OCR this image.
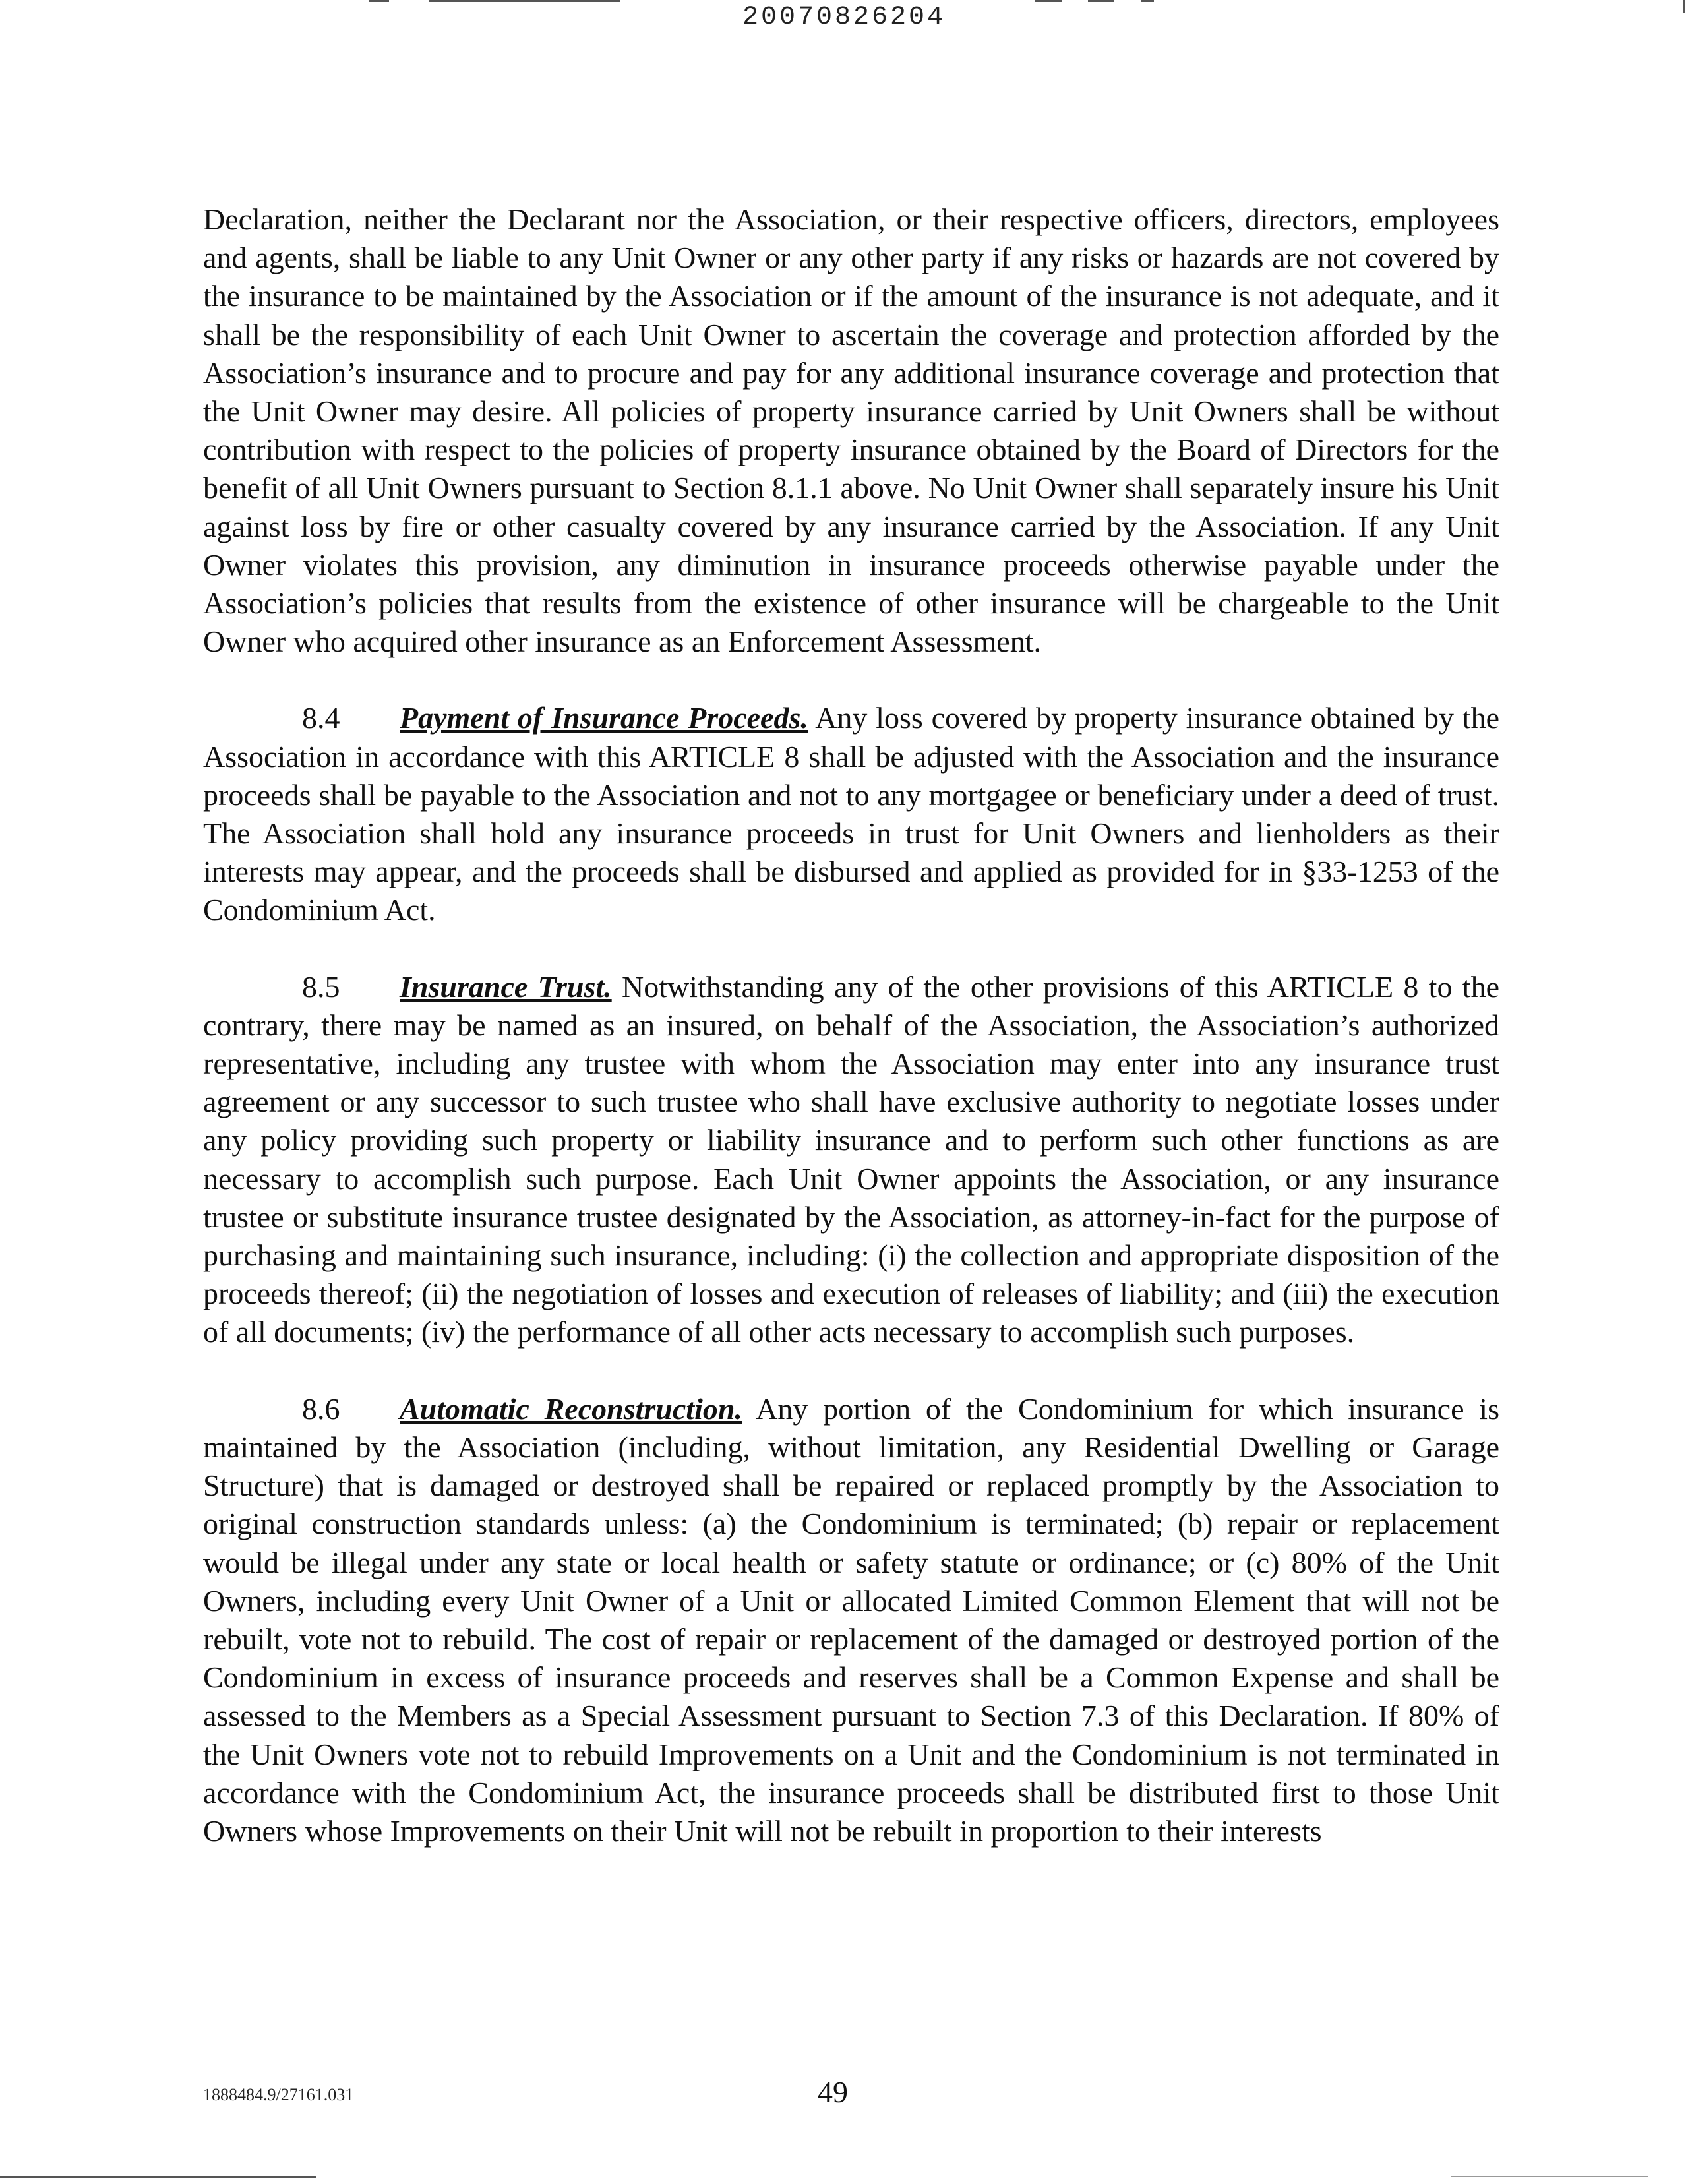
20070826204

Declaration, neither the Declarant nor the Association, or their respective officers, directors, employees and agents, shall be liable to any Unit Owner or any other party if any risks or hazards are not covered by the insurance to be maintained by the Association or if the amount of the insurance is not adequate, and it shall be the responsibility of each Unit Owner to ascertain the coverage and protection afforded by the Association’s insurance and to procure and pay for any additional insurance coverage and protection that the Unit Owner may desire. All policies of property insurance carried by Unit Owners shall be without contribution with respect to the policies of property insurance obtained by the Board of Directors for the benefit of all Unit Owners pursuant to Section 8.1.1 above. No Unit Owner shall separately insure his Unit against loss by fire or other casualty covered by any insurance carried by the Association. If any Unit Owner violates this provision, any diminution in insurance proceeds otherwise payable under the Association’s policies that results from the existence of other insurance will be chargeable to the Unit Owner who acquired other insurance as an Enforcement Assessment.

8.4 Payment of Insurance Proceeds. Any loss covered by property insurance obtained by the Association in accordance with this ARTICLE 8 shall be adjusted with the Association and the insurance proceeds shall be payable to the Association and not to any mortgagee or beneficiary under a deed of trust. The Association shall hold any insurance proceeds in trust for Unit Owners and lienholders as their interests may appear, and the proceeds shall be disbursed and applied as provided for in §33-1253 of the Condominium Act.

8.5 Insurance Trust. Notwithstanding any of the other provisions of this ARTICLE 8 to the contrary, there may be named as an insured, on behalf of the Association, the Association’s authorized representative, including any trustee with whom the Association may enter into any insurance trust agreement or any successor to such trustee who shall have exclusive authority to negotiate losses under any policy providing such property or liability insurance and to perform such other functions as are necessary to accomplish such purpose. Each Unit Owner appoints the Association, or any insurance trustee or substitute insurance trustee designated by the Association, as attorney-in-fact for the purpose of purchasing and maintaining such insurance, including: (i) the collection and appropriate disposition of the proceeds thereof; (ii) the negotiation of losses and execution of releases of liability; and (iii) the execution of all documents; (iv) the performance of all other acts necessary to accomplish such purposes.

8.6 Automatic Reconstruction. Any portion of the Condominium for which insurance is maintained by the Association (including, without limitation, any Residential Dwelling or Garage Structure) that is damaged or destroyed shall be repaired or replaced promptly by the Association to original construction standards unless: (a) the Condominium is terminated; (b) repair or replacement would be illegal under any state or local health or safety statute or ordinance; or (c) 80% of the Unit Owners, including every Unit Owner of a Unit or allocated Limited Common Element that will not be rebuilt, vote not to rebuild. The cost of repair or replacement of the damaged or destroyed portion of the Condominium in excess of insurance proceeds and reserves shall be a Common Expense and shall be assessed to the Members as a Special Assessment pursuant to Section 7.3 of this Declaration. If 80% of the Unit Owners vote not to rebuild Improvements on a Unit and the Condominium is not terminated in accordance with the Condominium Act, the insurance proceeds shall be distributed first to those Unit Owners whose Improvements on their Unit will not be rebuilt in proportion to their interests

1888484.9/27161.031	49
